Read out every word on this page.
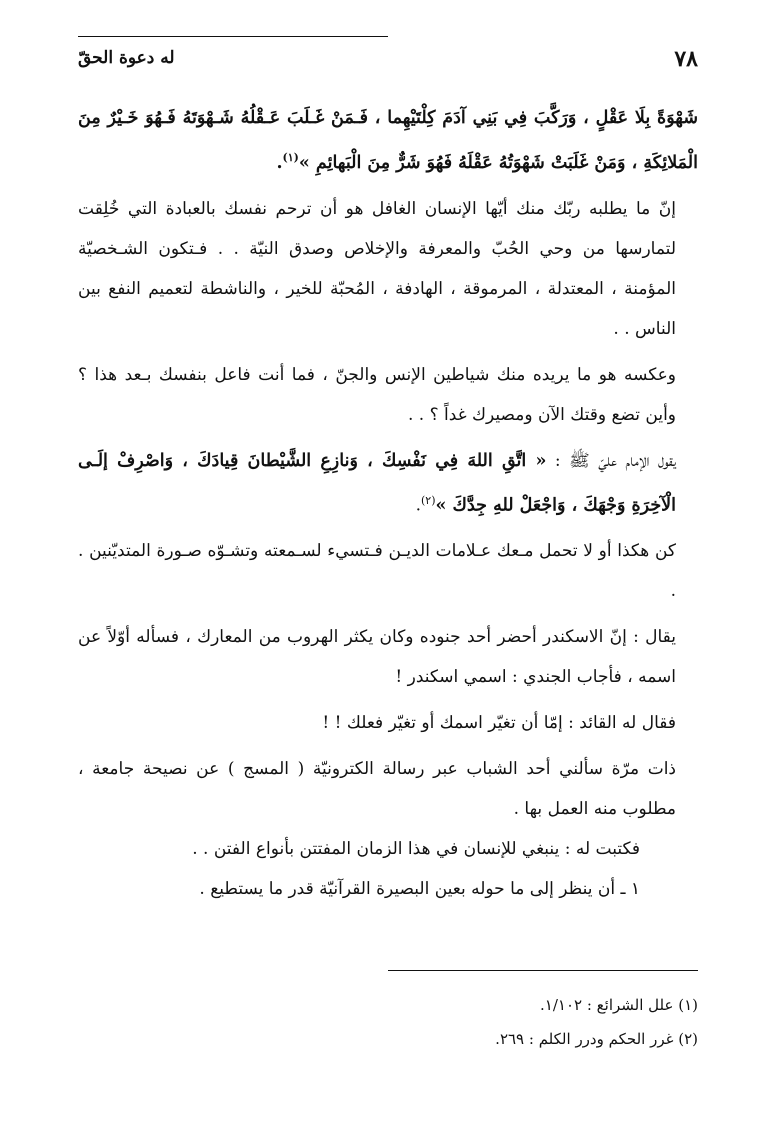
٧٨
له دعوة الحقّ

شَهْوَةً بِلَا عَقْلٍ ، وَرَكَّبَ فِي بَنِي آدَمَ كِلْتَيْهِما ، فَـمَنْ غَـلَبَ عَـقْلُهُ شَـهْوَتَهُ فَـهُوَ خَـيْرٌ مِنَ الْمَلائِكَةِ ، وَمَنْ غَلَبَتْ شَهْوَتُهُ عَقْلَهُ فَهُوَ شَرٌّ مِنَ الْبَهائِمِ »$^{(١)}$.

إنّ ما يطلبه ربّك منك أيّها الإنسان الغافل هو أن ترحم نفسك بالعبادة التي خُلِقت لتمارسها من وحي الحُبّ والمعرفة والإخلاص وصدق النيّة . . فـتكون الشـخصيّة المؤمنة ، المعتدلة ، المرموقة ، الهادفة ، المُحبّة للخير ، والناشطة لتعميم النفع بين الناس . .

وعكسه هو ما يريده منك شياطين الإنس والجنّ ، فما أنت فاعل بنفسك بـعد هذا ؟ وأين تضع وقتك الآن ومصيرك غداً ؟ . .

يقول الإمام عليّ ﷺ : « اتَّقِ اللهَ فِي نَفْسِكَ ، وَنازِعِ الشَّيْطانَ قِيادَكَ ، وَاصْرِفْ إلَـى الْآخِرَةِ وَجْهَكَ ، وَاجْعَلْ للهِ جِدَّكَ »$^{(٢)}$.

كن هكذا أو لا تحمل مـعك عـلامات الديـن فـتسيء لسـمعته وتشـوّه صـورة المتديّنين . .

يقال : إنّ الاسكندر أحضر أحد جنوده وكان يكثر الهروب من المعارك ، فسأله أوّلاً عن اسمه ، فأجاب الجندي : اسمي اسكندر !

فقال له القائد : إمّا أن تغيّر اسمك أو تغيّر فعلك ! !

ذات مرّة سألني أحد الشباب عبر رسالة الكترونيّة ( المسج ) عن نصيحة جامعة ، مطلوب منه العمل بها .

فكتبت له : ينبغي للإنسان في هذا الزمان المفتتن بأنواع الفتن . .

١ ـ أن ينظر إلى ما حوله بعين البصيرة القرآنيّة قدر ما يستطيع .

(١) علل الشرائع : ١/١٠٢.

(٢) غرر الحكم ودرر الكلم : ٢٦٩.
